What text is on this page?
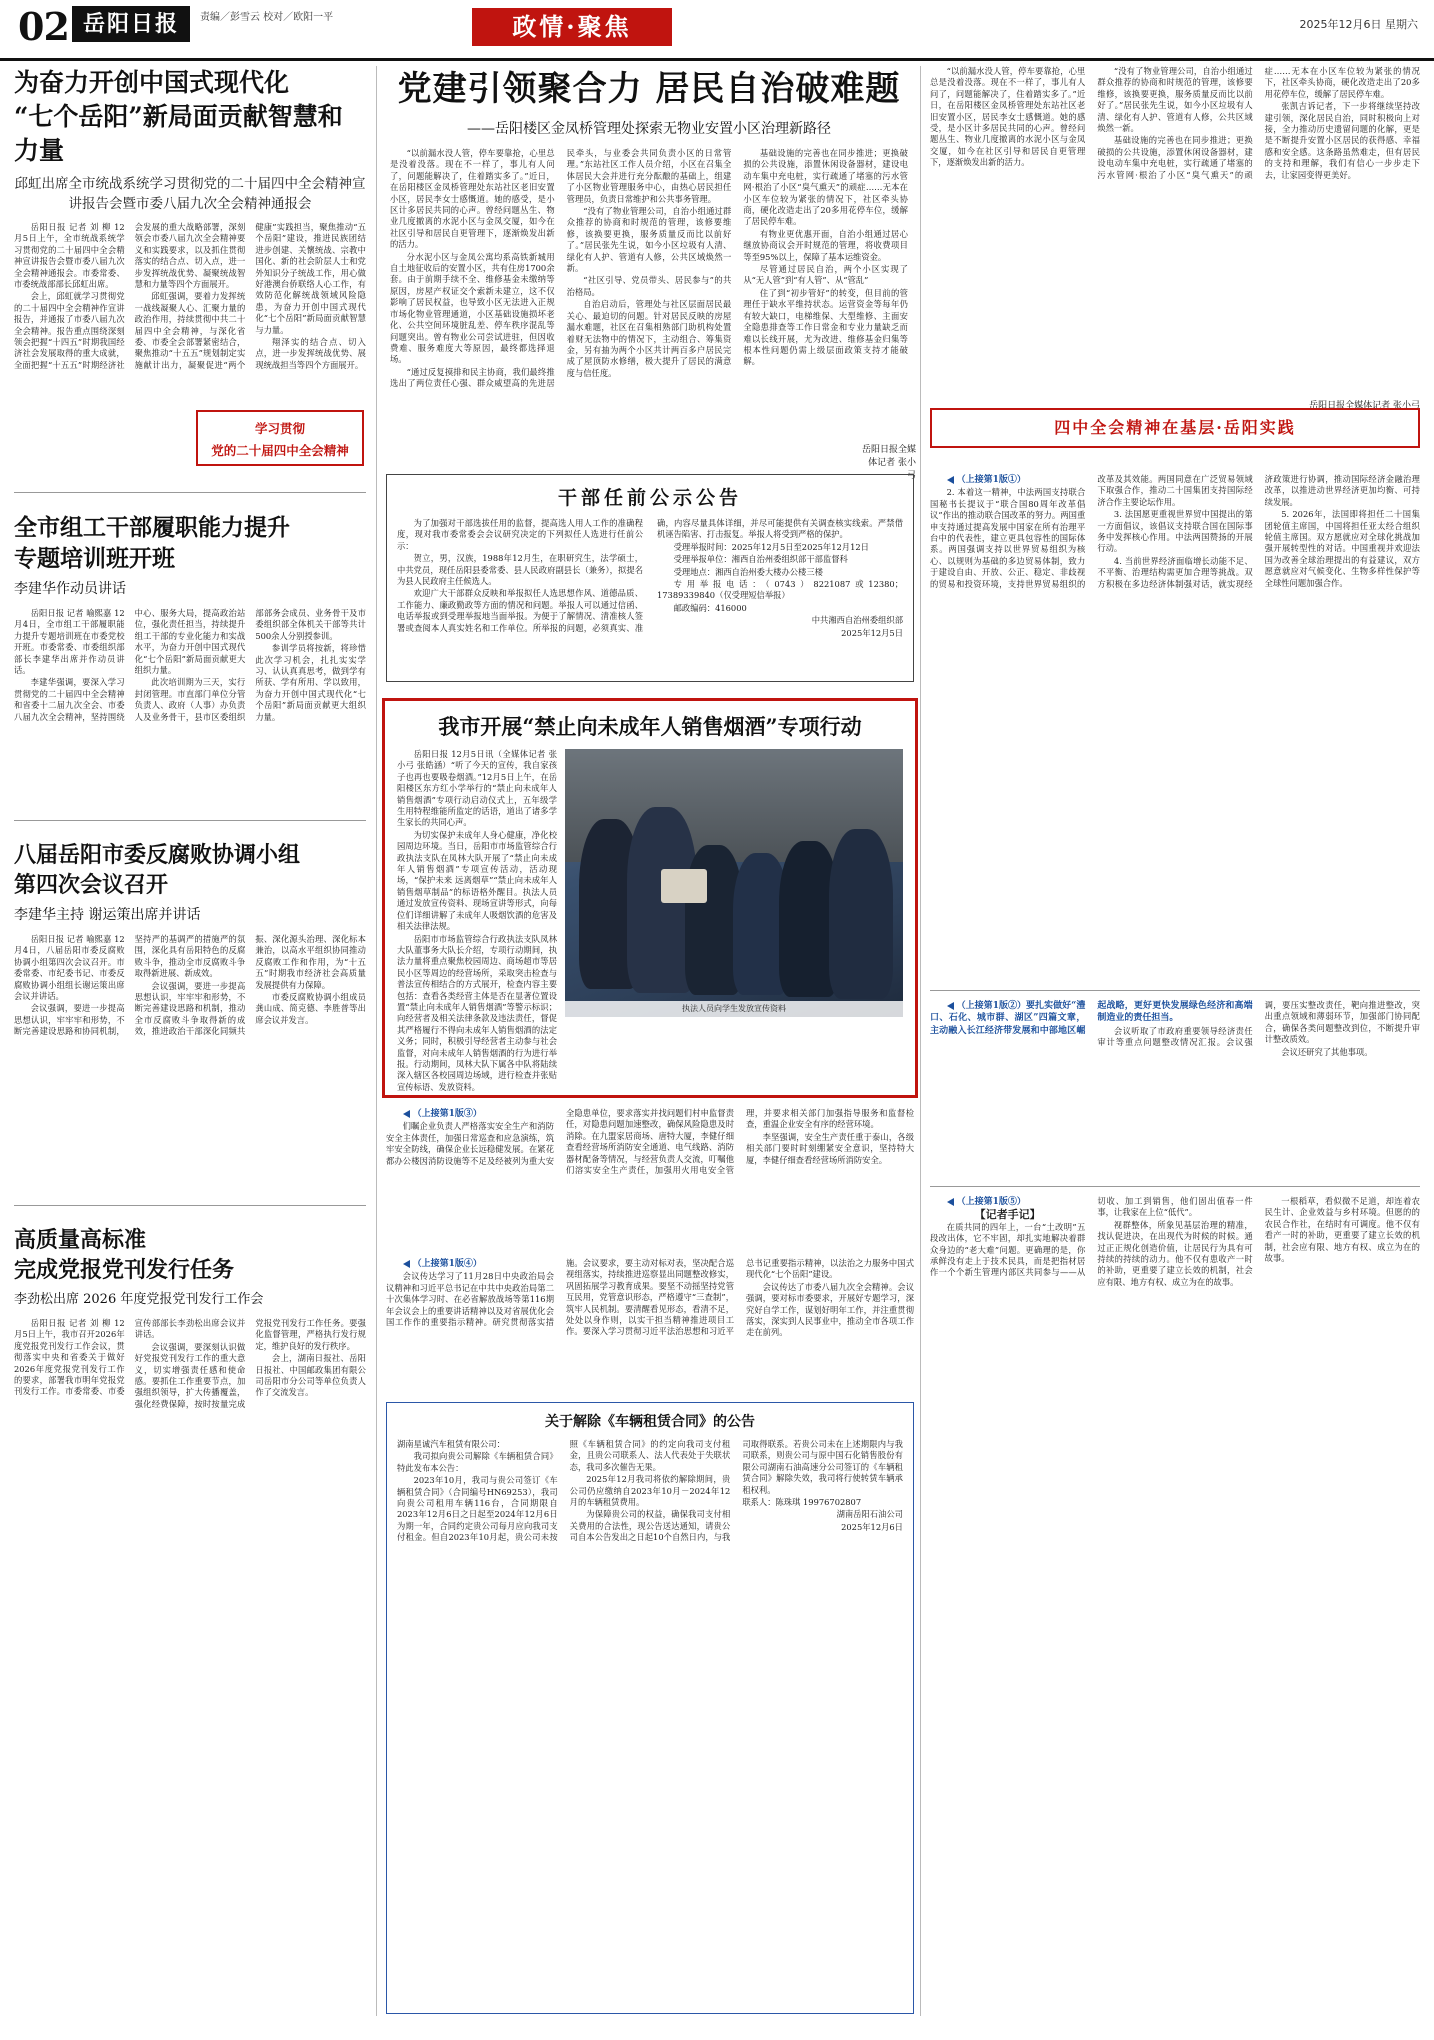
02 岳阳日报	责编／彭雪云 校对／欧阳一平	政情·聚焦	2025年12月6日 星期六
为奋力开创中国式现代化
“七个岳阳”新局面贡献智慧和力量
邱虹出席全市统战系统学习贯彻党的二十届四中全会精神宣讲报告会暨市委八届九次全会精神通报会

岳阳日报 记者 刘 柳 12月5日上午，全市统战系统学习贯彻党的二十届四中全会精神宣讲报告会暨市委八届九次全会精神通报会。市委常委、市委统战部部长邱虹出席。

会上，邱虹就学习贯彻党的二十届四中全会精神作宣讲报告，并通报了市委八届九次全会精神。报告重点围绕深刻领会把握“十四五”时期我国经济社会发展取得的重大成就，全面把握“十五五”时期经济社会发展的重大战略部署，深刻领会市委八届九次全会精神要义和实践要求，以及抓住贯彻落实的结合点、切入点，进一步发挥统战优势、凝聚统战智慧和力量等四个方面展开。

邱虹强调，要着力发挥统一战线凝聚人心、汇聚力量的政治作用，持续贯彻中共二十届四中全会精神，与深化省委、市委全会部署紧密结合，聚焦推动“十五五”规划制定实施献计出力，凝聚促进“两个健康”实践担当，聚焦推动“五个岳阳”建设，推进民族团结进步创建、关懷统战、宗教中国化、新的社会阶层人士和党外知识分子统战工作，用心做好港澳台侨联络人心工作，有效防范化解统战领域风险隐患，为奋力开创中国式现代化“七个岳阳”新局面贡献智慧与力量。

翔泽实的结合点、切入点，进一步发挥统战优势、展现统战担当等四个方面展开。

学习贯彻
党的二十届四中全会精神
全市组工干部履职能力提升
专题培训班开班
李建华作动员讲话

岳阳日报 记者 喻熙嘉 12月4日，全市组工干部履职能力提升专题培训班在市委党校开班。市委常委、市委组织部部长李建华出席并作动员讲话。

李建华强调，要深入学习贯彻党的二十届四中全会精神和省委十二届九次全会、市委八届九次全会精神，坚持围绕中心、服务大局，提高政治站位，强化责任担当，持续提升组工干部的专业化能力和实战水平，为奋力开创中国式现代化“七个岳阳”新局面贡献更大组织力量。

此次培训期为三天，实行封闭管理。市直部门单位分管负责人、政府（人事）办负责人及业务骨干，县市区委组织部部务会成员、业务骨干及市委组织部全体机关干部等共计500余人分别授参训。

参训学员将按新，将珍惜此次学习机会，扎扎实实学习、认认真真思考，做到学有所获、学有所用、学以致用，为奋力开创中国式现代化“七个岳阳”新局面贡献更大组织力量。

八届岳阳市委反腐败协调小组
第四次会议召开
李建华主持 谢运策出席并讲话

岳阳日报 记者 喻熙嘉 12月4日，八届岳阳市委反腐败协调小组第四次会议召开。市委常委、市纪委书记、市委反腐败协调小组组长谢运策出席会议并讲话。

会议强调，要进一步提高思想认识，牢牢牢和形势，不断完善建设思路和协同机制，坚持严的基调严的措施严的氛围，深化具有岳阳特色的反腐败斗争，推动全市反腐败斗争取得新进展、新成效。

会议强调，要进一步提高思想认识，牢牢牢和形势，不断完善建设思路和机制，推动全市反腐败斗争取得新的成效，推进政治干部深化同频共振、深化源头治理、深化标本兼治，以高水平组织协同推动反腐败工作和作用，为“十五五”时期我市经济社会高质量发展提供有力保障。

市委反腐败协调小组成员龚山成、简克德、李胜普等出席会议并发言。

高质量高标准
完成党报党刊发行任务
李劲松出席 2026 年度党报党刊发行工作会

岳阳日报 记者 刘 柳 12月5日上午，我市召开2026年度党报党刊发行工作会议，贯彻落实中央和省委关于做好2026年度党报党刊发行工作的要求，部署我市明年党报党刊发行工作。市委常委、市委宣传部部长李劲松出席会议并讲话。

会议强调，要深刻认识做好党报党刊发行工作的重大意义，切实增强责任感和使命感。要抓住工作重要节点，加强组织领导，扩大传播覆盖，强化经费保障，按时按量完成党报党刊发行工作任务。要强化监督管理，严格执行发行规定，维护良好的发行秩序。

会上，湖南日报社、岳阳日报社、中国邮政集团有限公司岳阳市分公司等单位负责人作了交流发言。

党建引领聚合力 居民自治破难题
——岳阳楼区金凤桥管理处探索无物业安置小区治理新路径

“以前漏水没人管，停车要靠抢，心里总是没着没落。现在不一样了，事儿有人问了，问题能解决了，住着踏实多了。”近日，在岳阳楼区金凤桥管理处东站社区老旧安置小区，居民李女士感慨道。她的感受，是小区计多居民共同的心声。曾经问题丛生、物业几度撤离的水泥小区与金凤交厦，如今在社区引导和居民自更管理下，逐渐焕发出新的活力。

分水泥小区与金凤公寓均系高铁新城用自土地征收后的安置小区，共有住房1700余套。由于前期手续不全、维修基金未缴纳等原因，房屋产权证交个索新未建立，这不仅影响了居民权益，也导致小区无法进入正规市场化物业管理通道，小区基础设施损坏老化、公共空间环境脏乱差、停车秩序混乱等问题突出。曾有物业公司尝试进驻，但因收费难、服务难度大等原因，最终都选择退场。

“通过反复摸排和民主协商，我们最终推选出了两位责任心强、群众威望高的先进居民牵头，与业委会共同负责小区的日常管理。”东站社区工作人员介绍，小区在召集全体居民大会并进行充分酝酿的基础上，组建了小区物业管理服务中心，由热心居民担任管理员，负责日常维护和公共事务管理。

“没有了物业管理公司，自治小组通过群众推荐的协商和时规范的管理，该修要维修，该换要更换，服务质量反而比以前好了。”居民张先生说，如今小区垃圾有人清、绿化有人护、管道有人修，公共区域焕然一新。

“社区引导、党员带头、居民参与”的共治格局。

自治启动后，管理处与社区层面居民最关心、最迫切的问题。针对居民反映的房屋漏水难题，社区在召集相熟部门助机构处置着财无法物中的情况下，主动组合、筹集资金，另有抽为两个小区共计两百多户居民完成了屋顶防水修缮，极大提升了居民的满意度与信任度。

基础设施的完善也在同步推进；更换破损的公共设施，添置休闲设备器材，建设电动车集中充电桩，实行疏通了堵塞的污水管网·根治了小区“臭气熏天”的顽症……无本在小区车位较为紧张的情况下，社区牵头协商，硬化改造走出了20多用花停车位，缓解了居民停车难。

有物业更优惠开面，自治小组通过居心继放协商议会开时规范的管理，将收费项目等至95%以上，保障了基本运维资金。

尽管通过居民自治，两个小区实现了从“无人管”到“有人管”、从“管乱”

住了到“初步管好”的转变，但目前的管理任于缺水平维持状态。运营资金等每年仍有较大缺口，电梯维保、大型维修、主面安全隐患排查等工作日常金和专业力量缺乏而难以长线开展，尤为改进、维修基金归集等根本性问题仍需上级层面政策支持才能破解。

岳阳日报全媒体记者 张小弓
干部任前公示公告

为了加强对干部选拔任用的监督，提高选人用人工作的准确程度，现对我市委常委会会议研究决定的下列拟任人选进行任前公示：

贺立，男，汉族，1988年12月生，在职研究生，法学硕士，中共党员，现任岳阳县委常委、县人民政府副县长（兼务），拟提名为县人民政府主任候选人。

欢迎广大干部群众反映和举报拟任人选思想作风、道德品质、工作能力、廉政勤政等方面的情况和问题。举报人可以通过信函、电话举报或到受理举报地当面举报。为便于了解情况、清准核人签署或查阅本人真实姓名和工作单位。所举报的问题，必须真实、准确，内容尽量具体详细，并尽可能提供有关调查核实线索。严禁借机诬告陷害、打击报复。举报人将受到严格的保护。

受理举报时间：2025年12月5日至2025年12月12日

受理举报单位：湘西自治州委组织部干部监督科

受理地点：湘西自治州委大楼办公楼三楼

专用举报电话：（0743）8221087或12380；17389339840（仅受理短信举报）

邮政编码：416000

中共湘西自治州委组织部

2025年12月5日

我市开展“禁止向未成年人销售烟酒”专项行动
执法人员向学生发放宣传资料

岳阳日报 12月5日讯（全媒体记者 张小弓 张皓涵）“听了今天的宣传，我自家孩子也再也要吸卷烟酒。”12月5日上午，在岳阳楼区东方红小学举行的“禁止向未成年人销售烟酒”专项行动启动仪式上，五年级学生用特程维能所监定的话语，道出了诸多学生家长的共同心声。

为切实保护未成年人身心健康，净化校园周边环境。当日，岳阳市市场监管综合行政执法支队在凤林大队开展了“禁止向未成年人销售烟酒”专项宣传活动，活动现场，“保护未来 远离烟草”“禁止向未成年人销售烟草制品”的标语格外醒目。执法人员通过发放宣传资料、现场宣讲等形式，向每位们详细讲解了未成年人吸烟饮酒的危害及相关法律法规。

岳阳市市场监管综合行政执法支队凤林大队董事务大队长介绍，专项行动期间，执法力量将重点聚焦校园周边、商场超市等居民小区等周边的经营场所，采取突击检查与普法宣传相结合的方式展开，检查内容主要包括：查看各类经营主体是否在显著位置设置“禁止向未成年人销售烟酒”等警示标识；向经营者及相关法律条款及违法责任，督促其严格履行不得向未成年人销售烟酒的法定义务；同时，积极引导经营者主动参与社会监督，对向未成年人销售烟酒的行为进行举报。行动期间，凤林大队下属各中队将陆续深入辖区各校园周边场域，进行检查并张贴宣传标语、发放资料。

（上接第1版③）

们瞩企业负责人严格落实安全生产和消防安全主体责任，加强日常巡查和应急演练，筑牢安全防线，确保企业长远稳健发展。在紧花都办公楼因消防设施等不足及经被列为重大安全隐患单位，要求落实并找问题们村申监督责任，对隐患问题加速整改，确保风险隐患及时消除。在九盟家居商场、唐特大厦，李健仔细查看经营场所消防安全通道、电气线路、消防器材配备等情况，与经营负责人交流，叮嘱他们溶实安全生产责任，加强用火用电安全管理，并要求相关部门加强指导服务和监督检查，重温企业安全有序的经营环境。

李坚强调，安全生产责任重于泰山，各级相关部门要时时刻绷紧安全意识，坚持特大厦，李健仔细查看经营场所消防安全。

（上接第1版④）

会议传达学习了11月28日中央政治局会议精神和习近平总书记在中共中央政治局第二十次集体学习时、在必省解放战场等第116期年会议会上的重要讲话精神以及对省展优化会国工作作的重要指示精神。研究贯彻落实措施。会议要求，要主动对标对表，坚决配合巡视组落实，持续推进巡察显出同题整改修实，巩固拓展学习教育成果。要坚不动摇坚持党管互民用，党管意识形态，严格遵守“三查制”，筑牢人民机制。要清醒看见形态，看清不足，处处以身作则，以实干担当精神推进项目工作。要深入学习贯彻习近平法治思想和习近平总书记重要指示精神，以法治之力服务中国式现代化“七个岳阳”建设。

会议传达了市委八届九次全会精神。会议强调，要对标市委要求，开展好专题学习，深究好自学工作，谋划好明年工作，并注重贯彻落实，深实到人民事业中，推动全市各项工作走在前列。

关于解除《车辆租赁合同》的公告

湖南星诚汽车租赁有限公司：

我司拟向贵公司解除《车辆租赁合同》特此发布本公告：

2023年10月，我司与贵公司签订《车辆租赁合同》（合同编号HN69253），我司向贵公司租用车辆116台，合同期限自2023年12月6日之日起至2024年12月6日为期一年，合同约定贵公司每月应向我司支付租金。但自2023年10月起，贵公司未按照《车辆租赁合同》的约定向我司支付租金，且贵公司联系人、法人代表处于失联状态，我司多次催告无果。

2025年12月我司将依约解除期间，贵公司仍应缴纳自2023年10月－2024年12月的车辆租赁费用。

为保障贵公司的权益，确保我司支付相关费用的合法性，现公告送达通知，请贵公司自本公告发出之日起10个自然日内，与我司取得联系。若贵公司未在上述期限内与我司联系，则贵公司与原中国石化销售股份有限公司湖南石油高速分公司签订的《车辆租赁合同》解除失效，我司将行使转赁车辆承租权利。

联系人：陈珠琪 19976702807

湖南岳阳石油公司

2025年12月6日

“以前漏水没人管，停车要靠抢，心里总是没着没落。现在不一样了，事儿有人问了，问题能解决了，住着踏实多了。”近日，在岳阳楼区金凤桥管理处东站社区老旧安置小区，居民李女士感慨道。她的感受，是小区计多居民共同的心声。曾经问题丛生、物业几度撤离的水泥小区与金凤交厦，如今在社区引导和居民自更管理下，逐渐焕发出新的活力。

“没有了物业管理公司，自治小组通过群众推荐的协商和时规范的管理，该修要维修，该换要更换，服务质量反而比以前好了。”居民张先生说，如今小区垃圾有人清、绿化有人护、管道有人修，公共区域焕然一新。

基础设施的完善也在同步推进；更换破损的公共设施，添置休闲设备器材，建设电动车集中充电桩，实行疏通了堵塞的污水管网·根治了小区“臭气熏天”的顽症……无本在小区车位较为紧张的情况下，社区牵头协商，硬化改造走出了20多用花停车位，缓解了居民停车难。

张凯吉诉记者，下一步将继续坚持改建引领，深化居民自治，同时积极向上对接，全力推动历史遗留问题的化解，更是是不断提升安置小区居民的获得感、幸福感和安全感。这条路虽然难走，但有居民的支持和理解，我们有信心一步步走下去，让家园变得更美好。

岳阳日报全媒体记者 张小弓
四中全会精神在基层·岳阳实践

（上接第1版①）

2. 本着这一精神，中法两国支持联合国秘书长提议于“联合国80周年改革倡议”作出的推动联合国改革的努力。两国重申支持通过提高发展中国家在所有治理平台中的代表性，建立更具包容性的国际体系。两国强调支持以世界贸易组织为核心、以规则为基础的多边贸易体制，致力于建设自由、开放、公正、稳定、非歧视的贸易和投资环境，支持世界贸易组织的改革及其效能。两国同意在广泛贸易领域下取强合作，推动二十国集团支持国际经济合作主要论坛作用。

3. 法国愿更重视世界贸中国提出的第一方面倡议，该倡议支持联合国在国际事务中发挥核心作用。中法两国赞扬的开展行动。

4. 当前世界经济面临增长动能不足、不平衡、治理结构需更加合理等挑战。双方积极在多边经济体制强对话，就实现经济政策进行协调，推动国际经济金融治理改革，以推进动世界经济更加均衡、可持续发展。

5. 2026年，法国即将担任二十国集团轮值主席国，中国将担任亚太经合组织轮值主席国。双方愿就应对全球化挑战加强开展转型性的对话。中国重视并欢迎法国为改善全球治理提出的有益建议，双方愿意就应对气候变化、生物多样性保护等全球性问题加强合作。

（上接第1版②）要扎实做好“澧口、石化、城市群、湖区”四篇文章，主动融入长江经济带发展和中部地区崛起战略，更好更快发展绿色经济和高端制造业的责任担当。

会议听取了市政府重要领导经济责任审计等重点问题整改情况汇报。会议强调，要压实整改责任，靶向推进整改，突出重点领域和薄弱环节，加强部门协同配合，确保各类问题整改到位，不断提升审计整改质效。

会议还研究了其他事项。

（上接第1版⑤）

【记者手记】

在质共同的四年上，一台“土改明”五段改出体，它不牢固，却扎实地解决着群众身边的“老大难”问题。更确理的是，你承鲜没有走上于技术民具，而是把指材居作一个个新生管理内部区共同参与——从切收、加工到销售，他们固出值春一件事，让我家在上位“低代”。

视群整体，所象见基层治理的精准，找认促进决，在出现代为时候的时候。通过正正规化创造价值，让居民行为具有可持续的持续的动力。他不仅有患收产一时的补助，更重要了建立长效的机制，社会应有限、地方有权、成立为在的故事。

一根稻草，看似微不足道，却连着农民生计、企业效益与乡村环境。但愿的的农民合作社，在结时有可调度。他不仅有看产一时的补助，更重要了建立长效的机制，社会应有限、地方有权、成立为在的故事。
